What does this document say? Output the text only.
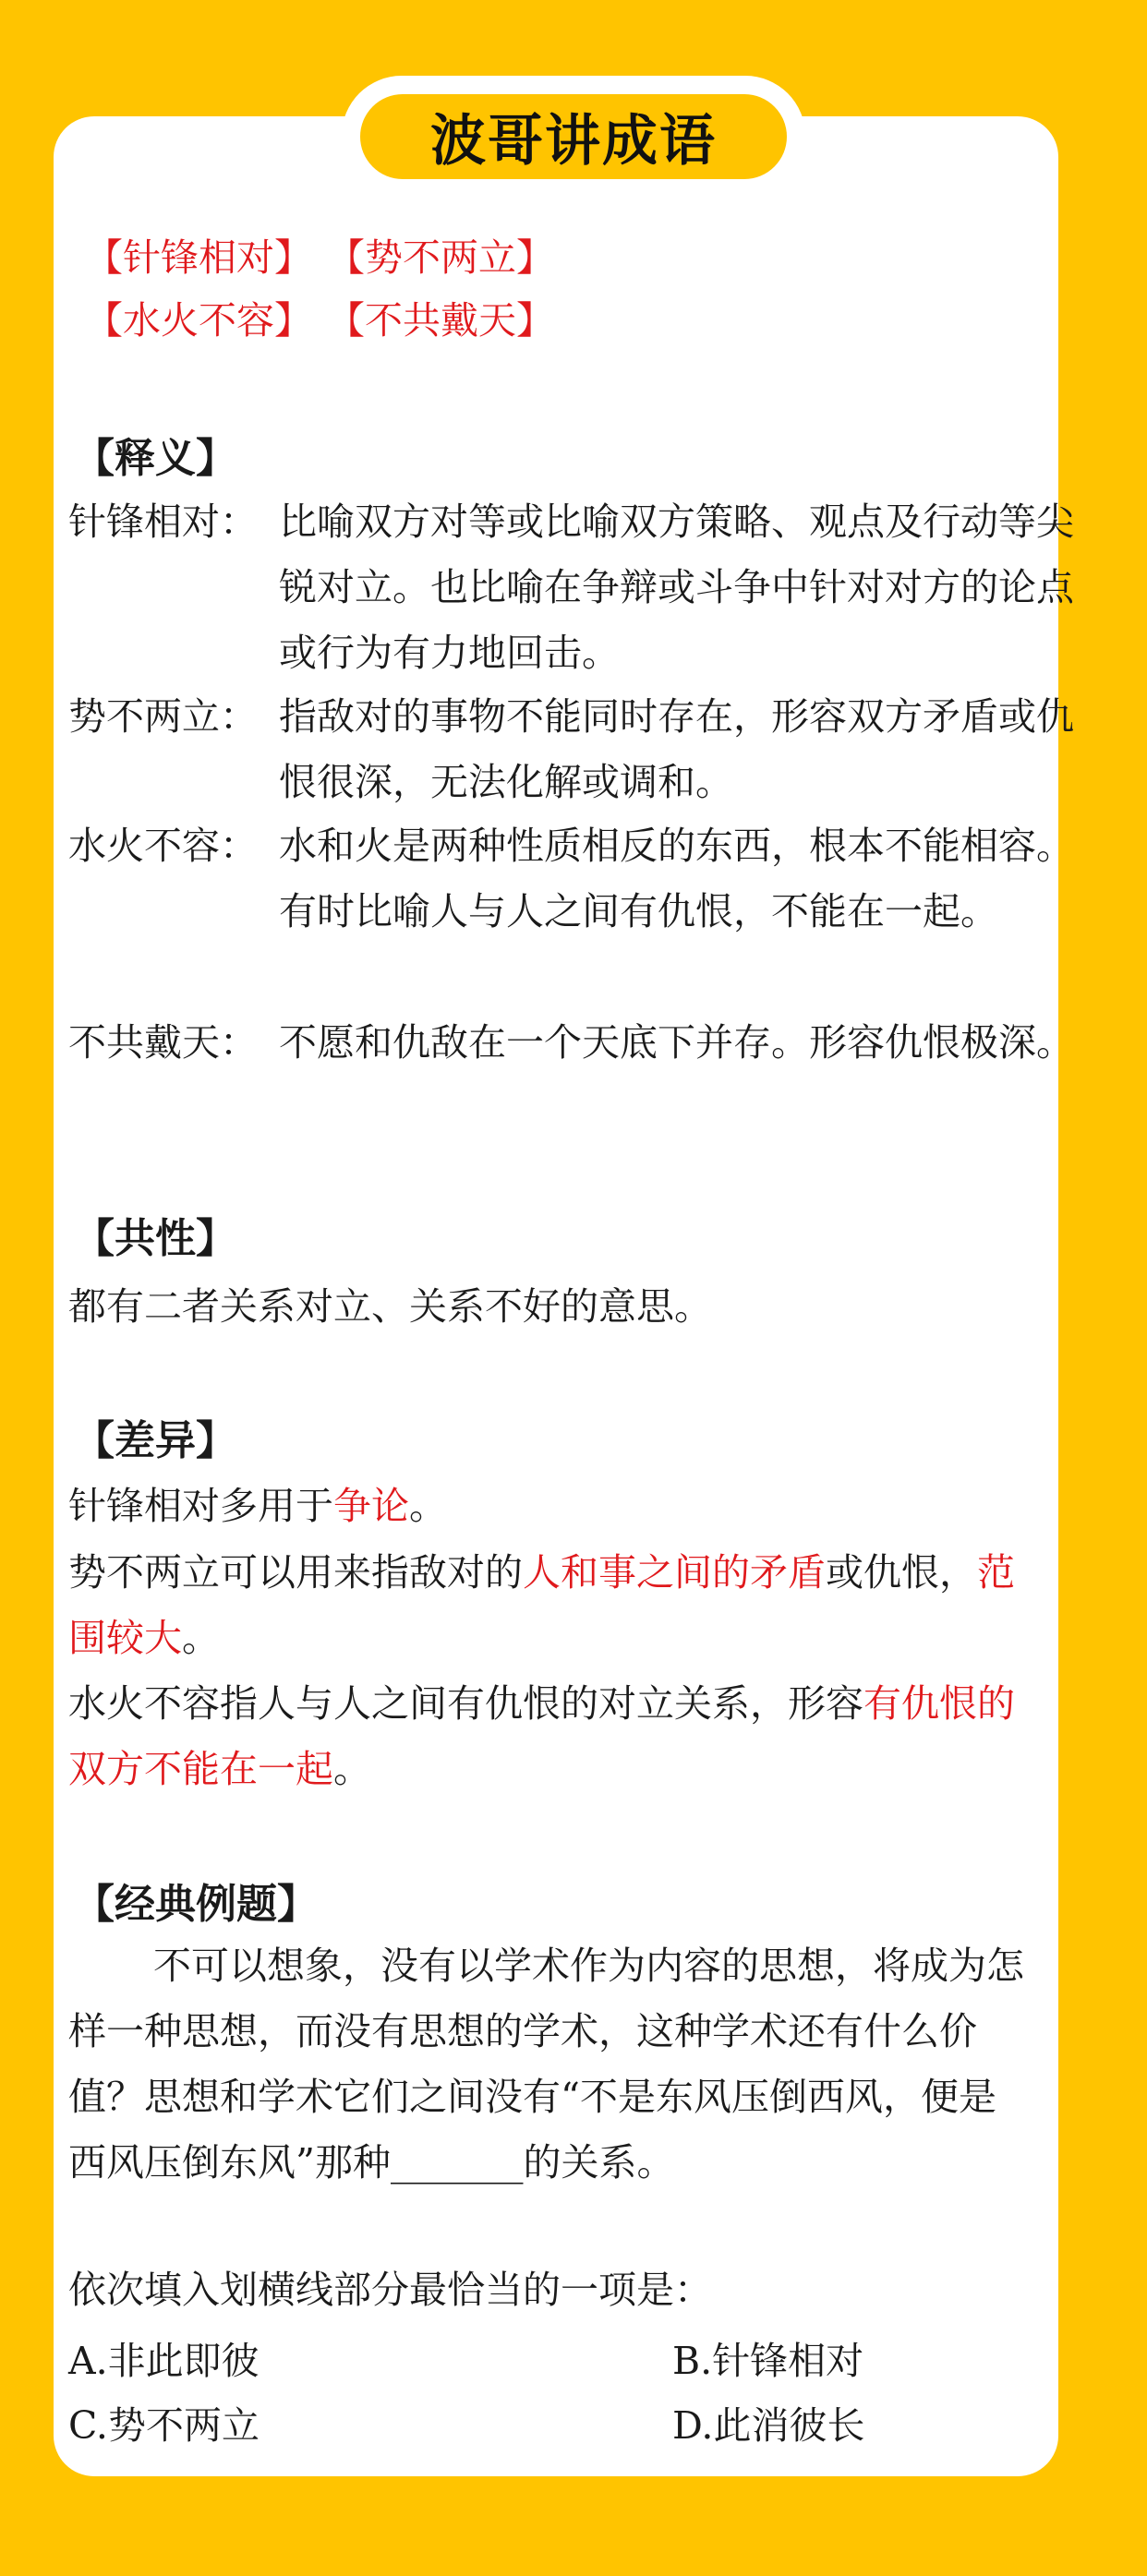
波哥讲成语
【针锋相对】 【势不两立】
【水火不容】 【不共戴天】
【释义】
针锋相对： 比喻双方对等或比喻双方策略、观点及行动等尖锐对立。也比喻在争辩或斗争中针对对方的论点或行为有力地回击。
势不两立： 指敌对的事物不能同时存在，形容双方矛盾或仇恨很深，无法化解或调和。
水火不容： 水和火是两种性质相反的东西，根本不能相容。有时比喻人与人之间有仇恨，不能在一起。
不共戴天： 不愿和仇敌在一个天底下并存。形容仇恨极深。
【共性】
都有二者关系对立、关系不好的意思。
【差异】
针锋相对多用于争论。
势不两立可以用来指敌对的人和事之间的矛盾或仇恨，范围较大。
水火不容指人与人之间有仇恨的对立关系，形容有仇恨的双方不能在一起。
【经典例题】
不可以想象，没有以学术作为内容的思想，将成为怎样一种思想，而没有思想的学术，这种学术还有什么价值？思想和学术它们之间没有“不是东风压倒西风，便是西风压倒东风”那种_______的关系。
依次填入划横线部分最恰当的一项是：
A.非此即彼	B.针锋相对
C.势不两立	D.此消彼长
